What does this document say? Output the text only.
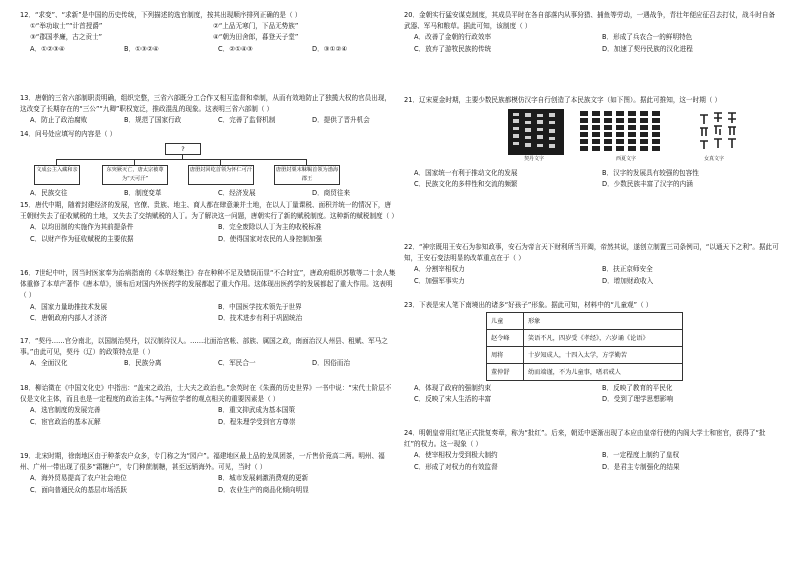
12．“求变”、“求新”是中国的历史传统，下列描述的选官制度，按其出现顺序排列正确的是（ ）

①“举功取士”“计首授爵”	②“上品无寒门，下品无势族”
③“郡国孝廉，古之贡士”	④“朝为田舍郎，暮登天子堂”
A．①②③④	B．①③②④	C．②①④③	D．③①②④

13．唐朝的三省六部制职责明确，组织完整，三省六部既分工合作又相互监督和牵制，从而有效地防止了独揽大权的官员出现，这改变了长期存在的“三公”“九卿”职权宽泛，推政混乱的现象。这表明三省六部制（ ）

A．防止了政治腐败	B．规范了国家行政	C．完善了监督机制	D．提供了晋升机会

14．问号处应填写的内容是（ ）

?
文成公主入藏和亲	东突厥灭亡，唐太宗被尊为“天可汗”
唐册封回纥首领为怀仁可汗	唐册封粟末靺鞨首领为渤海郡王
A．民族交往	B．制度变革	C．经济发展	D．商贸往来

15．唐代中期，随着封建经济的发展，官僚、贵族、地主、商人都在肆意兼并土地，在以人丁量课税、面积并统一的情况下，唐王朝财失去了征收赋税的土地，又失去了交纳赋税的人丁。为了解决这一问题，唐朝实行了新的赋税制度。这种新的赋税制度（ ）

A．以均田制的实施作为其前提条件	B．完全废除以人丁为主的收税标准
C．以财产作为征收赋税的主要依据	D．使得国家对农民的人身控制加强

16．7世纪中叶，因当时医家奉为治病指南的《本草经集注》存在种种不足及错误而显“不合时宜”，唐政府组织苏敬等二十余人集体重修了本草产著作《唐本草》，颁布后对国内外医药学的发展都起了重大作用。这体现出医药学的发展都起了重大作用。这表明（ ）

A．国家力量助推技术发展	B．中国医学技术领先于世界
C．唐朝政府内部人才济济	D．技术进步有利于巩固统治

17．“契丹……官分南北，以国制治契丹，以汉制待汉人。……北面治宫帐、部族、属国之政，南面治汉人州县、租赋、军马之事。”由此可见，契丹（辽）的政策特点是（ ）

A．全面汉化	B．民族分离	C．军民合一	D．因俗而治

18．柳诒徵在《中国文化史》中指出：“盖宋之政治，士大夫之政治也。”余英时在《朱熹的历史世界》一书中说：“宋代士阶层不仅是文化主体，而且也是一定程度的政治主体。”与两位学者的观点相关的重要因素是（ ）

A．选官制度的发展完善	B．重文抑武成为基本国策
C．宦官政治的基本瓦解	D．程朱理学受到官方尊崇

19．北宋时期，徐南地区由于种茶农户众多，专门称之为“园户”。福建地区最上品的龙凤团茶，一斤售价竟高二两。明州、福州、广州一带出现了很多“霜糖户”，专门种蔗制糖，甚至远销海外。可见，当时（ ）

A．海外贸易提高了农户社会地位	B．城市发展刺激消费观的更新
C．面向普通民众的基层市场活跃	D．农业生产的商品化倾向明显

20．金朝实行猛安谋克制度，其成员平时在各自部落内从事狩猎、捕鱼等劳动，一遇战争，青壮年便应征召去打仗，战斗时自备武器、军马和粮草。据此可知，该制度（ ）

A．改善了金朝的行政效率	B．形成了兵农合一的鲜明特色
C．放弃了游牧民族的传统	D．加速了契丹民族的汉化进程

21．辽宋夏金时期，主要少数民族都模仿汉字自行创造了本民族文字（如下图）。据此可推知，这一时期（ ）

契丹文字	西夏文字	女真文字
A．国家统一有利于推动文化的发展	B．汉字的发展具有较强的包容性
C．民族文化的多样性和交流的频繁	D．少数民族丰富了汉字的内涵

22．“神宗既用王安石为参知政事，安石为帝言天下财利所当开阖，帝然其说，遂创立制置三司条例司，“以通天下之利”。据此可知，王安石变法明显的改革重点在于（ ）

A．分割宰相权力	B．扶正京师安全
C．加强军事实力	D．增加财政收入

23．下表是宋人笔下南境出的诸多“好孩子”形象。据此可知，材料中的“儿童观”（ ）

儿童	形象
赵令峰	笑语不凡，四岁受《孝经》，六岁诵《论语》
周将	十岁知成人，十四入太学，方学勤苦
董仲舒	幼而端谨，不为儿童事，嗜君戒人
A．体现了政府的强制约束	B．反映了教育的平民化
C．反映了宋人生活的丰富	D．受到了理学思想影响

24．明朝皇帝用红笔正式批复奏章，称为“批红”。后来，朝廷中逐渐出现了本应由皇帝行使的内阁大学士和宦官，获得了“批红”的权力。这一现象（ ）

A．使宰相权力受到极大制约	B．一定程度上制约了皇权
C．形成了对权力的有效监督	D．是君主专制强化的结果
